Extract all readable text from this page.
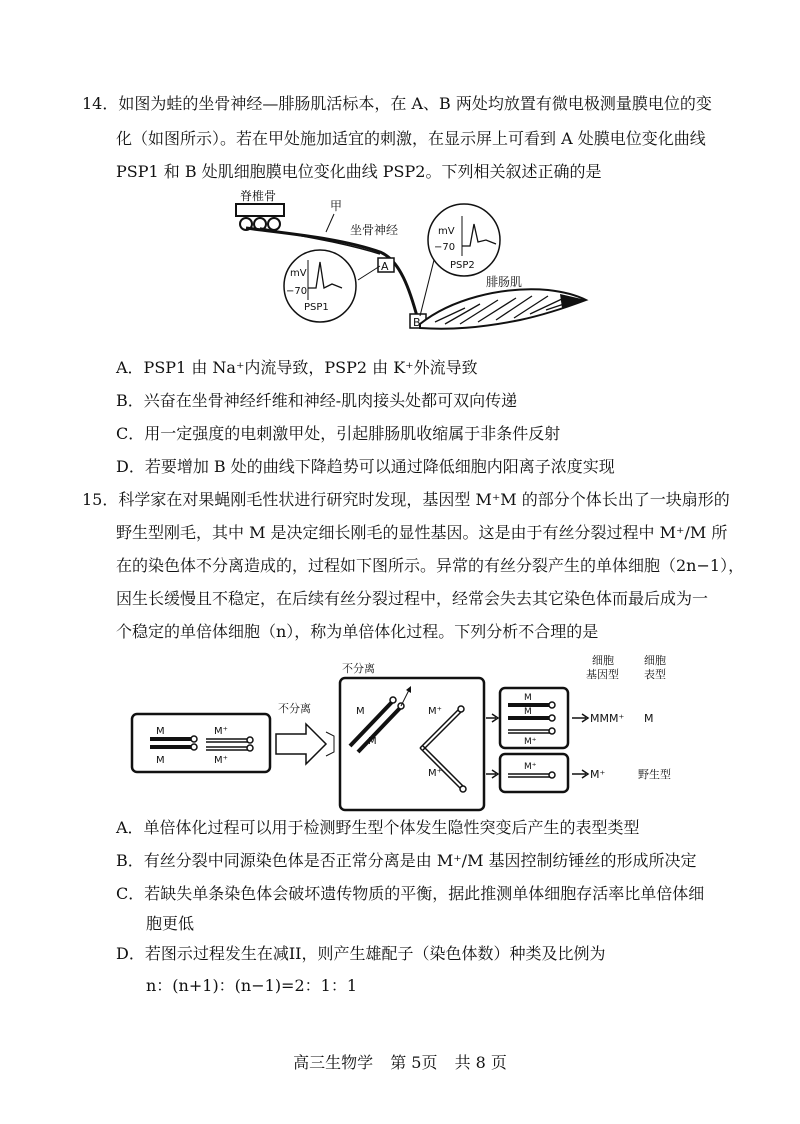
14．如图为蛙的坐骨神经—腓肠肌活标本，在 A、B 两处均放置有微电极测量膜电位的变
化（如图所示）。若在甲处施加适宜的刺激，在显示屏上可看到 A 处膜电位变化曲线
PSP1 和 B 处肌细胞膜电位变化曲线 PSP2。下列相关叙述正确的是
脊椎骨
甲
坐骨神经
A
B
mV
−70
PSP1
mV
−70
PSP2
腓肠肌
A．PSP1 由 Na⁺内流导致，PSP2 由 K⁺外流导致
B．兴奋在坐骨神经纤维和神经-肌肉接头处都可双向传递
C．用一定强度的电刺激甲处，引起腓肠肌收缩属于非条件反射
D．若要增加 B 处的曲线下降趋势可以通过降低细胞内阳离子浓度实现
15．科学家在对果蝇刚毛性状进行研究时发现，基因型 M⁺M 的部分个体长出了一块扇形的
野生型刚毛，其中 M 是决定细长刚毛的显性基因。这是由于有丝分裂过程中 M⁺/M 所
在的染色体不分离造成的，过程如下图所示。异常的有丝分裂产生的单体细胞（2n−1），
因生长缓慢且不稳定，在后续有丝分裂过程中，经常会失去其它染色体而最后成为一
个稳定的单倍体细胞（n），称为单倍体化过程。下列分析不合理的是
M
M
M⁺
M⁺
不分离
不分离
M
M
M⁺
M⁺
M
M
M⁺
M⁺
MMM⁺ M
M⁺	野生型
细胞
基因型
细胞
表型
A．单倍体化过程可以用于检测野生型个体发生隐性突变后产生的表型类型
B．有丝分裂中同源染色体是否正常分离是由 M⁺/M 基因控制纺锤丝的形成所决定
C．若缺失单条染色体会破坏遗传物质的平衡，据此推测单体细胞存活率比单倍体细
胞更低
D．若图示过程发生在减II，则产生雄配子（染色体数）种类及比例为
n：(n+1)：(n−1)=2：1：1
高三生物学 第 5页 共 8 页
